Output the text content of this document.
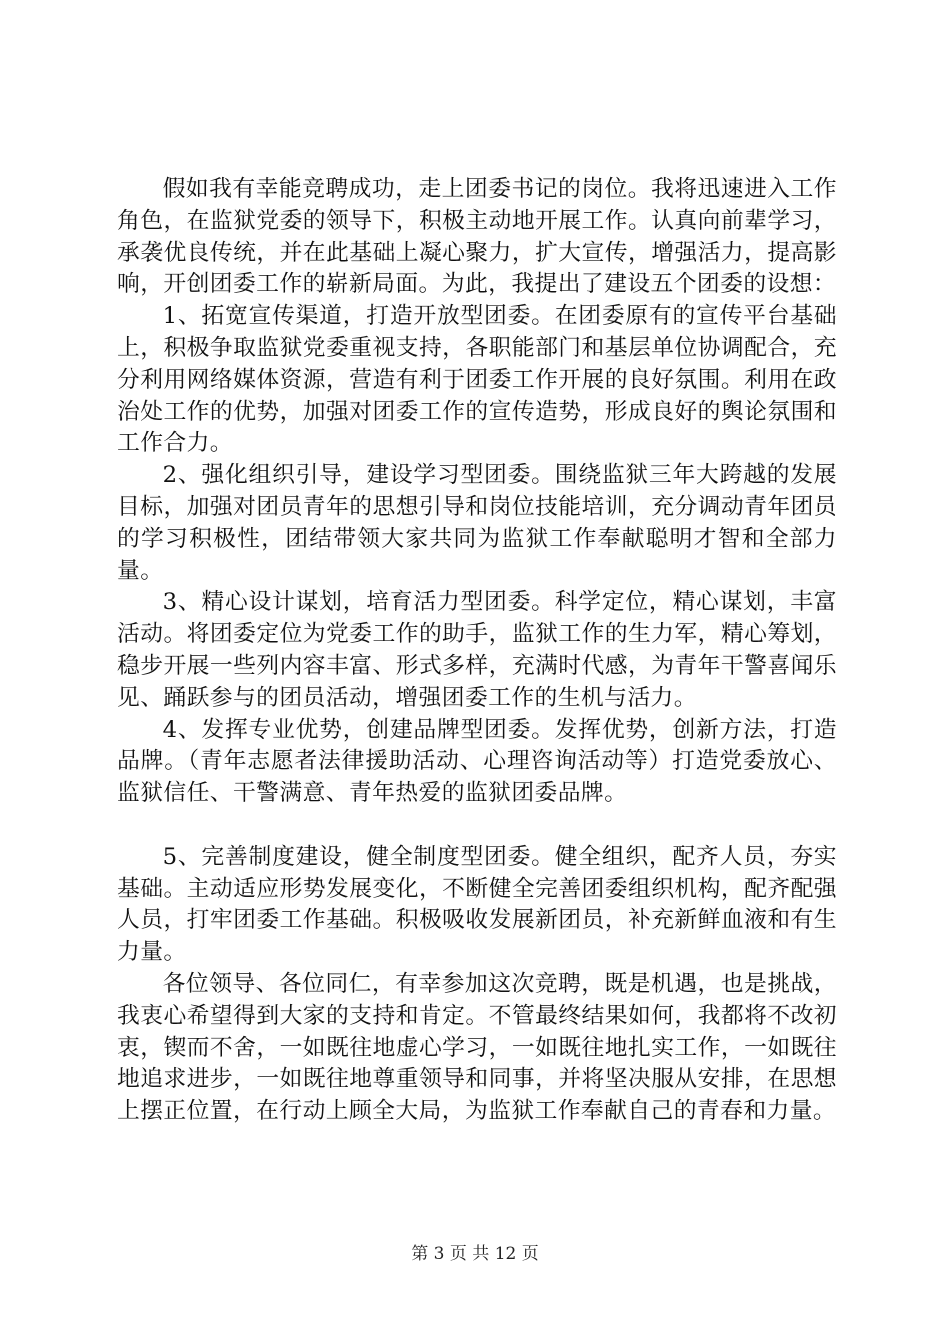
假如我有幸能竞聘成功，走上团委书记的岗位。我将迅速进入工作角色，在监狱党委的领导下，积极主动地开展工作。认真向前辈学习，承袭优良传统，并在此基础上凝心聚力，扩大宣传，增强活力，提高影响，开创团委工作的崭新局面。为此，我提出了建设五个团委的设想：

1、拓宽宣传渠道，打造开放型团委。在团委原有的宣传平台基础上，积极争取监狱党委重视支持，各职能部门和基层单位协调配合，充分利用网络媒体资源，营造有利于团委工作开展的良好氛围。利用在政治处工作的优势，加强对团委工作的宣传造势，形成良好的舆论氛围和工作合力。

2、强化组织引导，建设学习型团委。围绕监狱三年大跨越的发展目标，加强对团员青年的思想引导和岗位技能培训，充分调动青年团员的学习积极性，团结带领大家共同为监狱工作奉献聪明才智和全部力量。

3、精心设计谋划，培育活力型团委。科学定位，精心谋划，丰富活动。将团委定位为党委工作的助手，监狱工作的生力军，精心筹划，稳步开展一些列内容丰富、形式多样，充满时代感，为青年干警喜闻乐见、踊跃参与的团员活动，增强团委工作的生机与活力。

4、发挥专业优势，创建品牌型团委。发挥优势，创新方法，打造品牌。（青年志愿者法律援助活动、心理咨询活动等）打造党委放心、监狱信任、干警满意、青年热爱的监狱团委品牌。

5、完善制度建设，健全制度型团委。健全组织，配齐人员，夯实基础。主动适应形势发展变化，不断健全完善团委组织机构，配齐配强人员，打牢团委工作基础。积极吸收发展新团员，补充新鲜血液和有生力量。

各位领导、各位同仁，有幸参加这次竞聘，既是机遇，也是挑战，我衷心希望得到大家的支持和肯定。不管最终结果如何，我都将不改初衷，锲而不舍，一如既往地虚心学习，一如既往地扎实工作，一如既往地追求进步，一如既往地尊重领导和同事，并将坚决服从安排，在思想上摆正位置，在行动上顾全大局，为监狱工作奉献自己的青春和力量。

第 3 页 共 12 页
